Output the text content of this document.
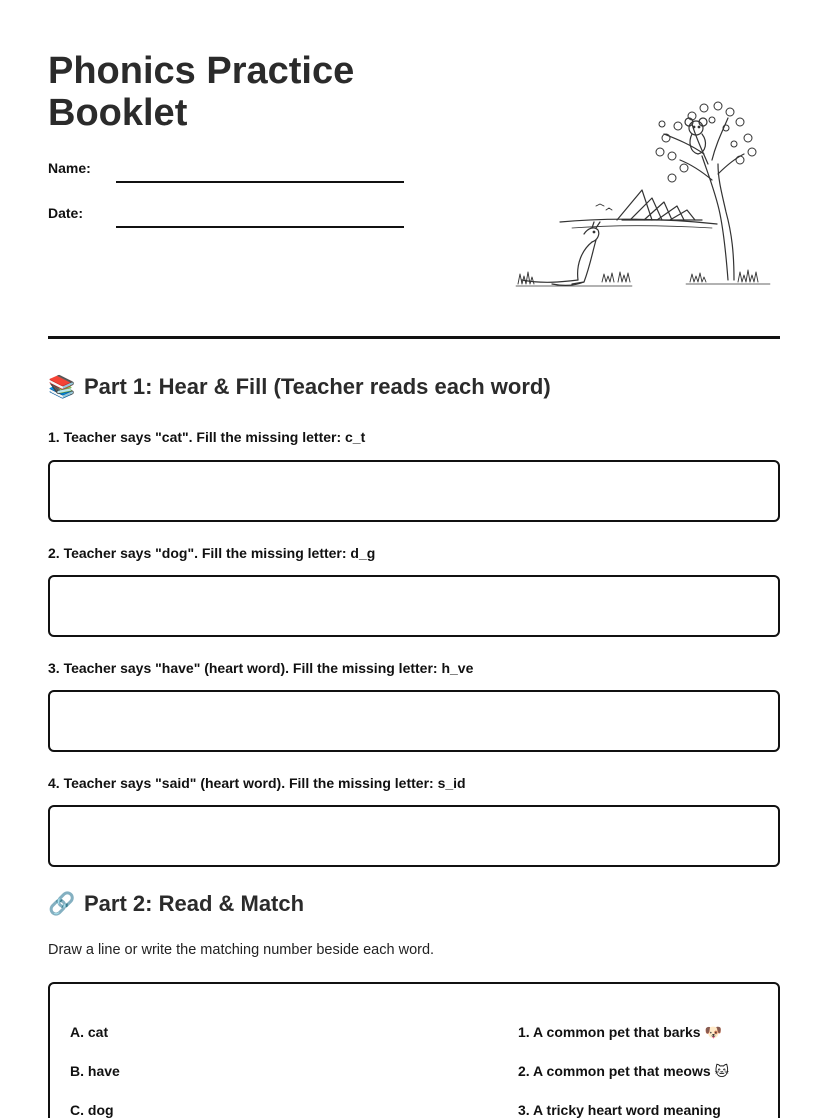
Phonics Practice Booklet
Name:
Date:
📚 Part 1: Hear & Fill (Teacher reads each word)
1. Teacher says "cat". Fill the missing letter: c_t
2. Teacher says "dog". Fill the missing letter: d_g
3. Teacher says "have" (heart word). Fill the missing letter: h_ve
4. Teacher says "said" (heart word). Fill the missing letter: s_id
🔗 Part 2: Read & Match
Draw a line or write the matching number beside each word.
A. cat
B. have
C. dog
1. A common pet that barks 🐶
2. A common pet that meows 🐱
3. A tricky heart word meaning
